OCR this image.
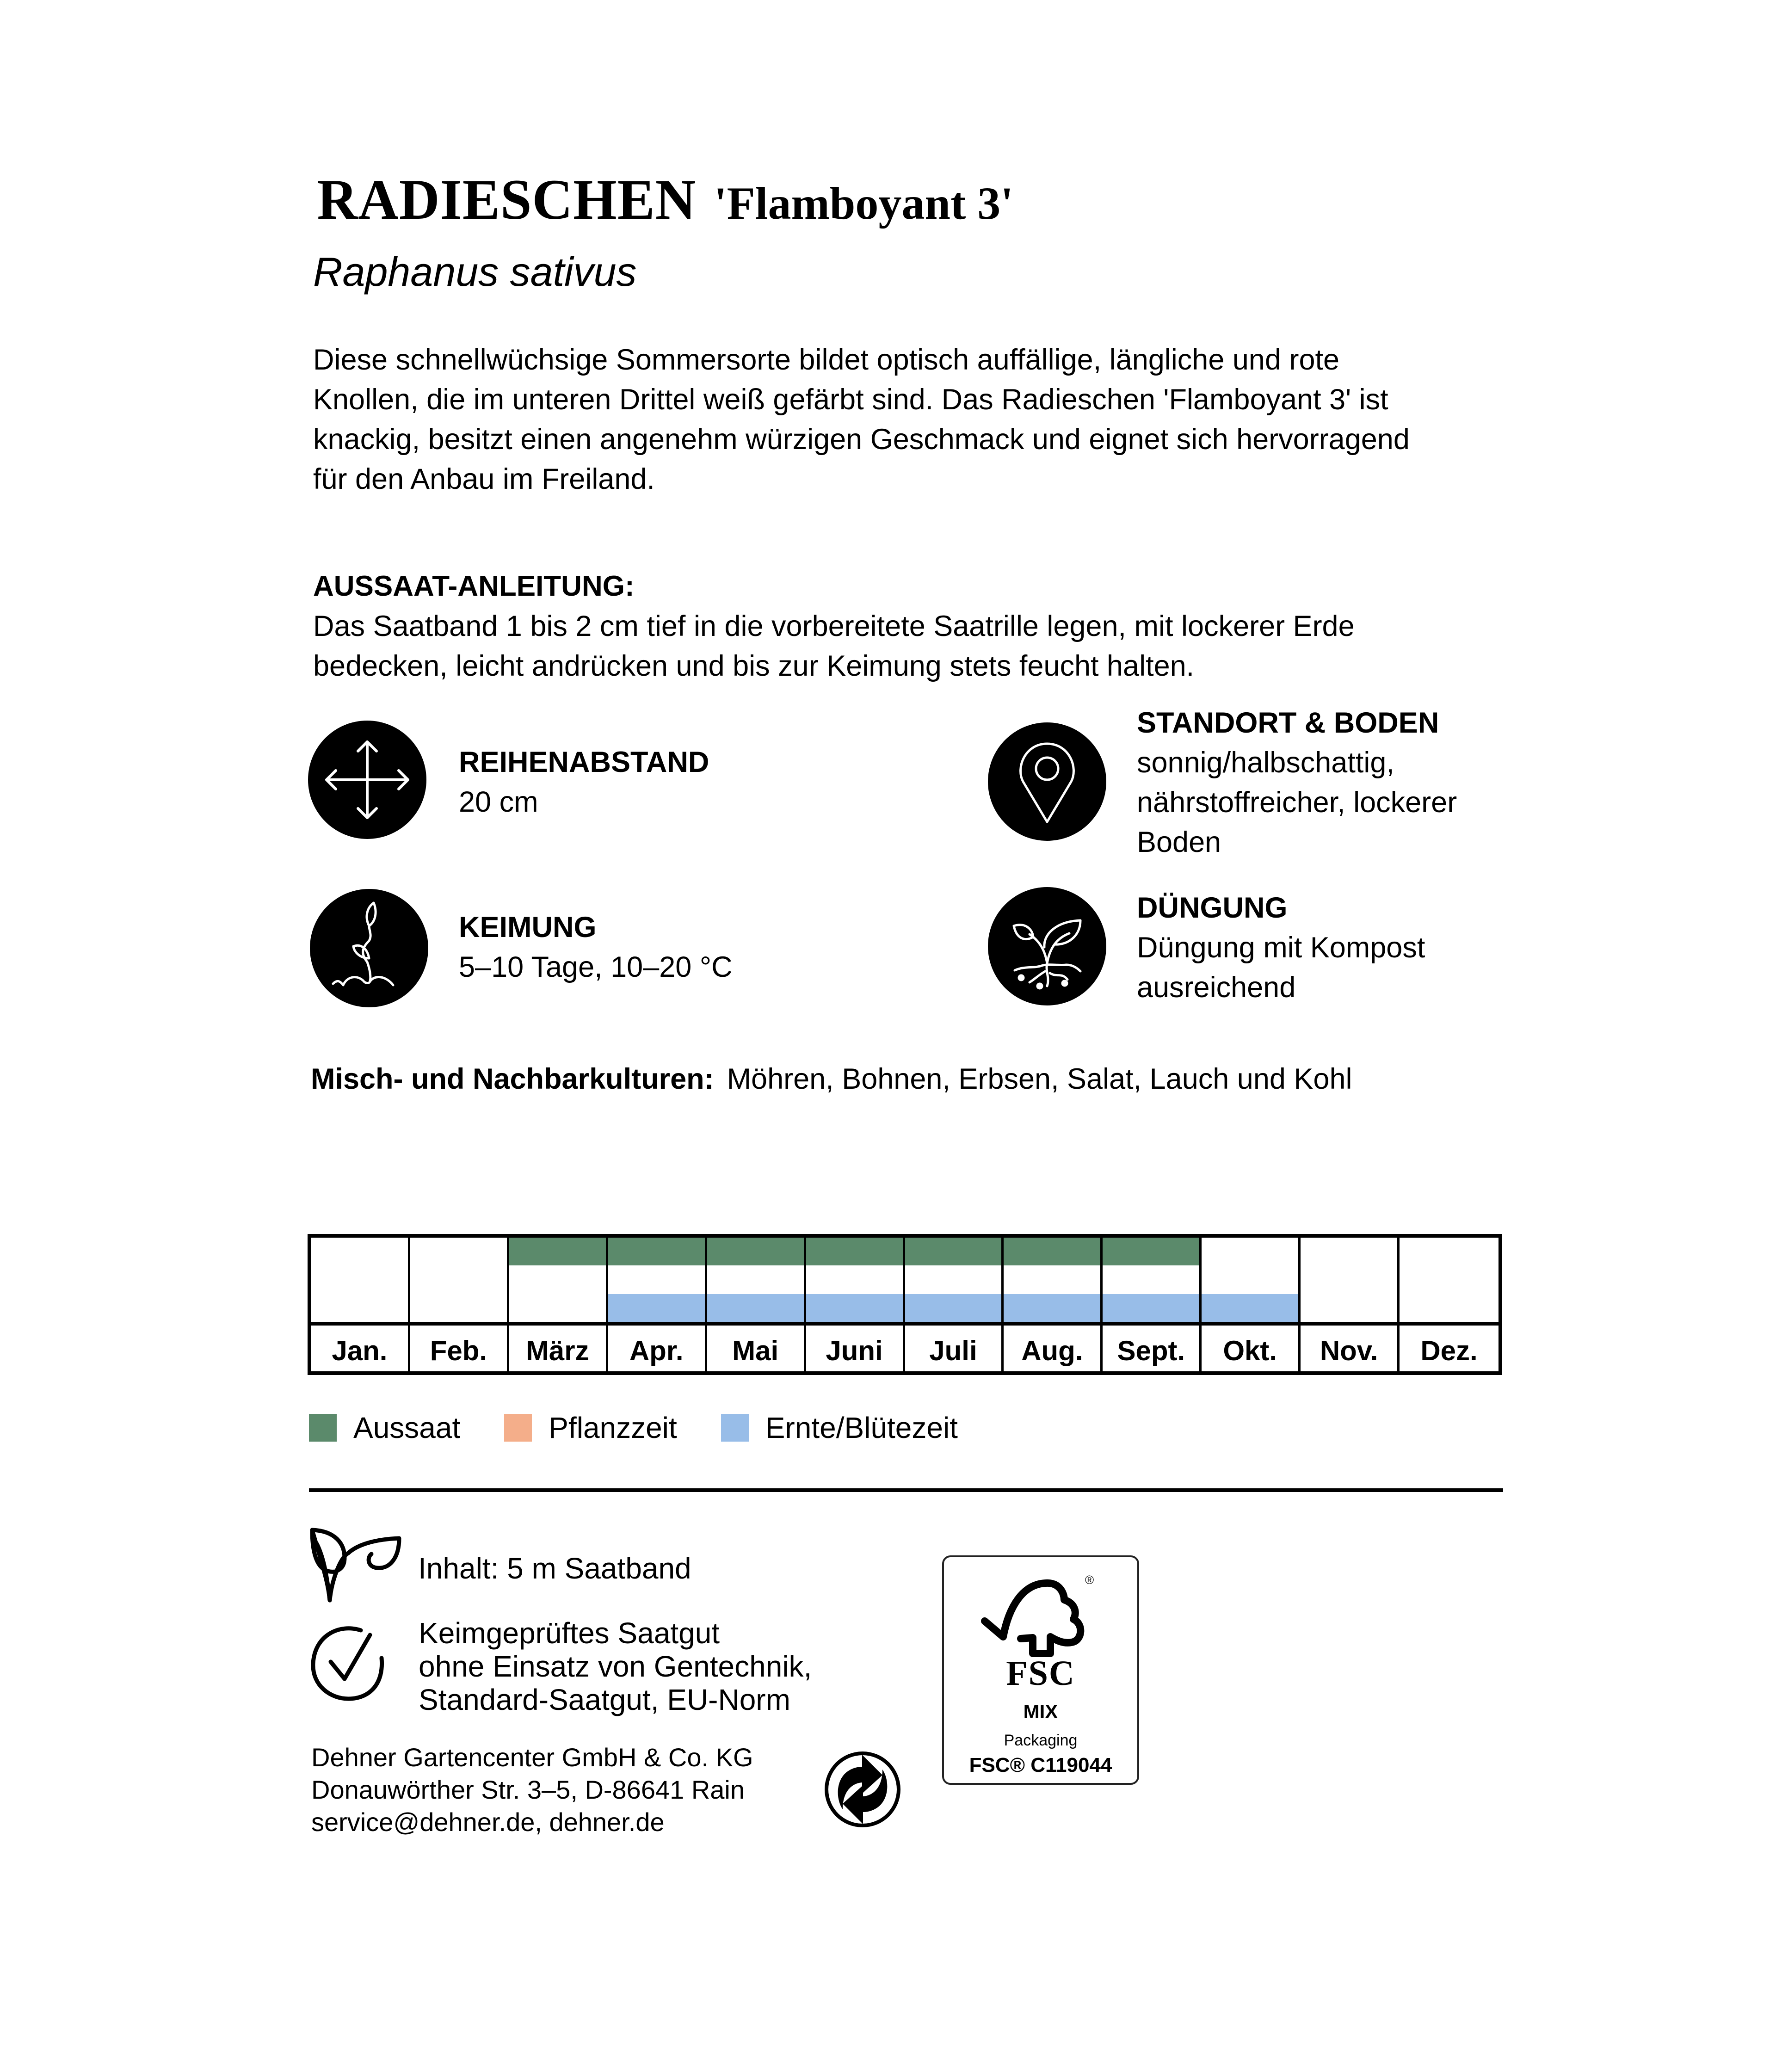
RADIESCHEN 'Flamboyant 3'
Raphanus sativus
Diese schnellwüchsige Sommersorte bildet optisch auffällige, längliche und rote
Knollen, die im unteren Drittel weiß gefärbt sind. Das Radieschen 'Flamboyant 3' ist
knackig, besitzt einen angenehm würzigen Geschmack und eignet sich hervorragend
für den Anbau im Freiland.
AUSSAAT-ANLEITUNG:
Das Saatband 1 bis 2 cm tief in die vorbereitete Saatrille legen, mit lockerer Erde
bedecken, leicht andrücken und bis zur Keimung stets feucht halten.
REIHENABSTAND
20 cm
KEIMUNG
5–10 Tage, 10–20 °C
STANDORT & BODEN
sonnig/halbschattig,
nährstoffreicher, lockerer
Boden
DÜNGUNG
Düngung mit Kompost
ausreichend
Misch- und Nachbarkulturen: Möhren, Bohnen, Erbsen, Salat, Lauch und Kohl
Jan.	Feb.	März	Apr.	Mai	Juni	Juli	Aug.	Sept.	Okt.	Nov.	Dez.
Aussaat	Pflanzzeit	Ernte/Blütezeit
Inhalt: 5 m Saatband
Keimgeprüftes Saatgut
ohne Einsatz von Gentechnik,
Standard-Saatgut, EU-Norm
Dehner Gartencenter GmbH & Co. KG
Donauwörther Str. 3–5, D-86641 Rain
service@dehner.de, dehner.de
®
FSC
MIX
Packaging
FSC® C119044
